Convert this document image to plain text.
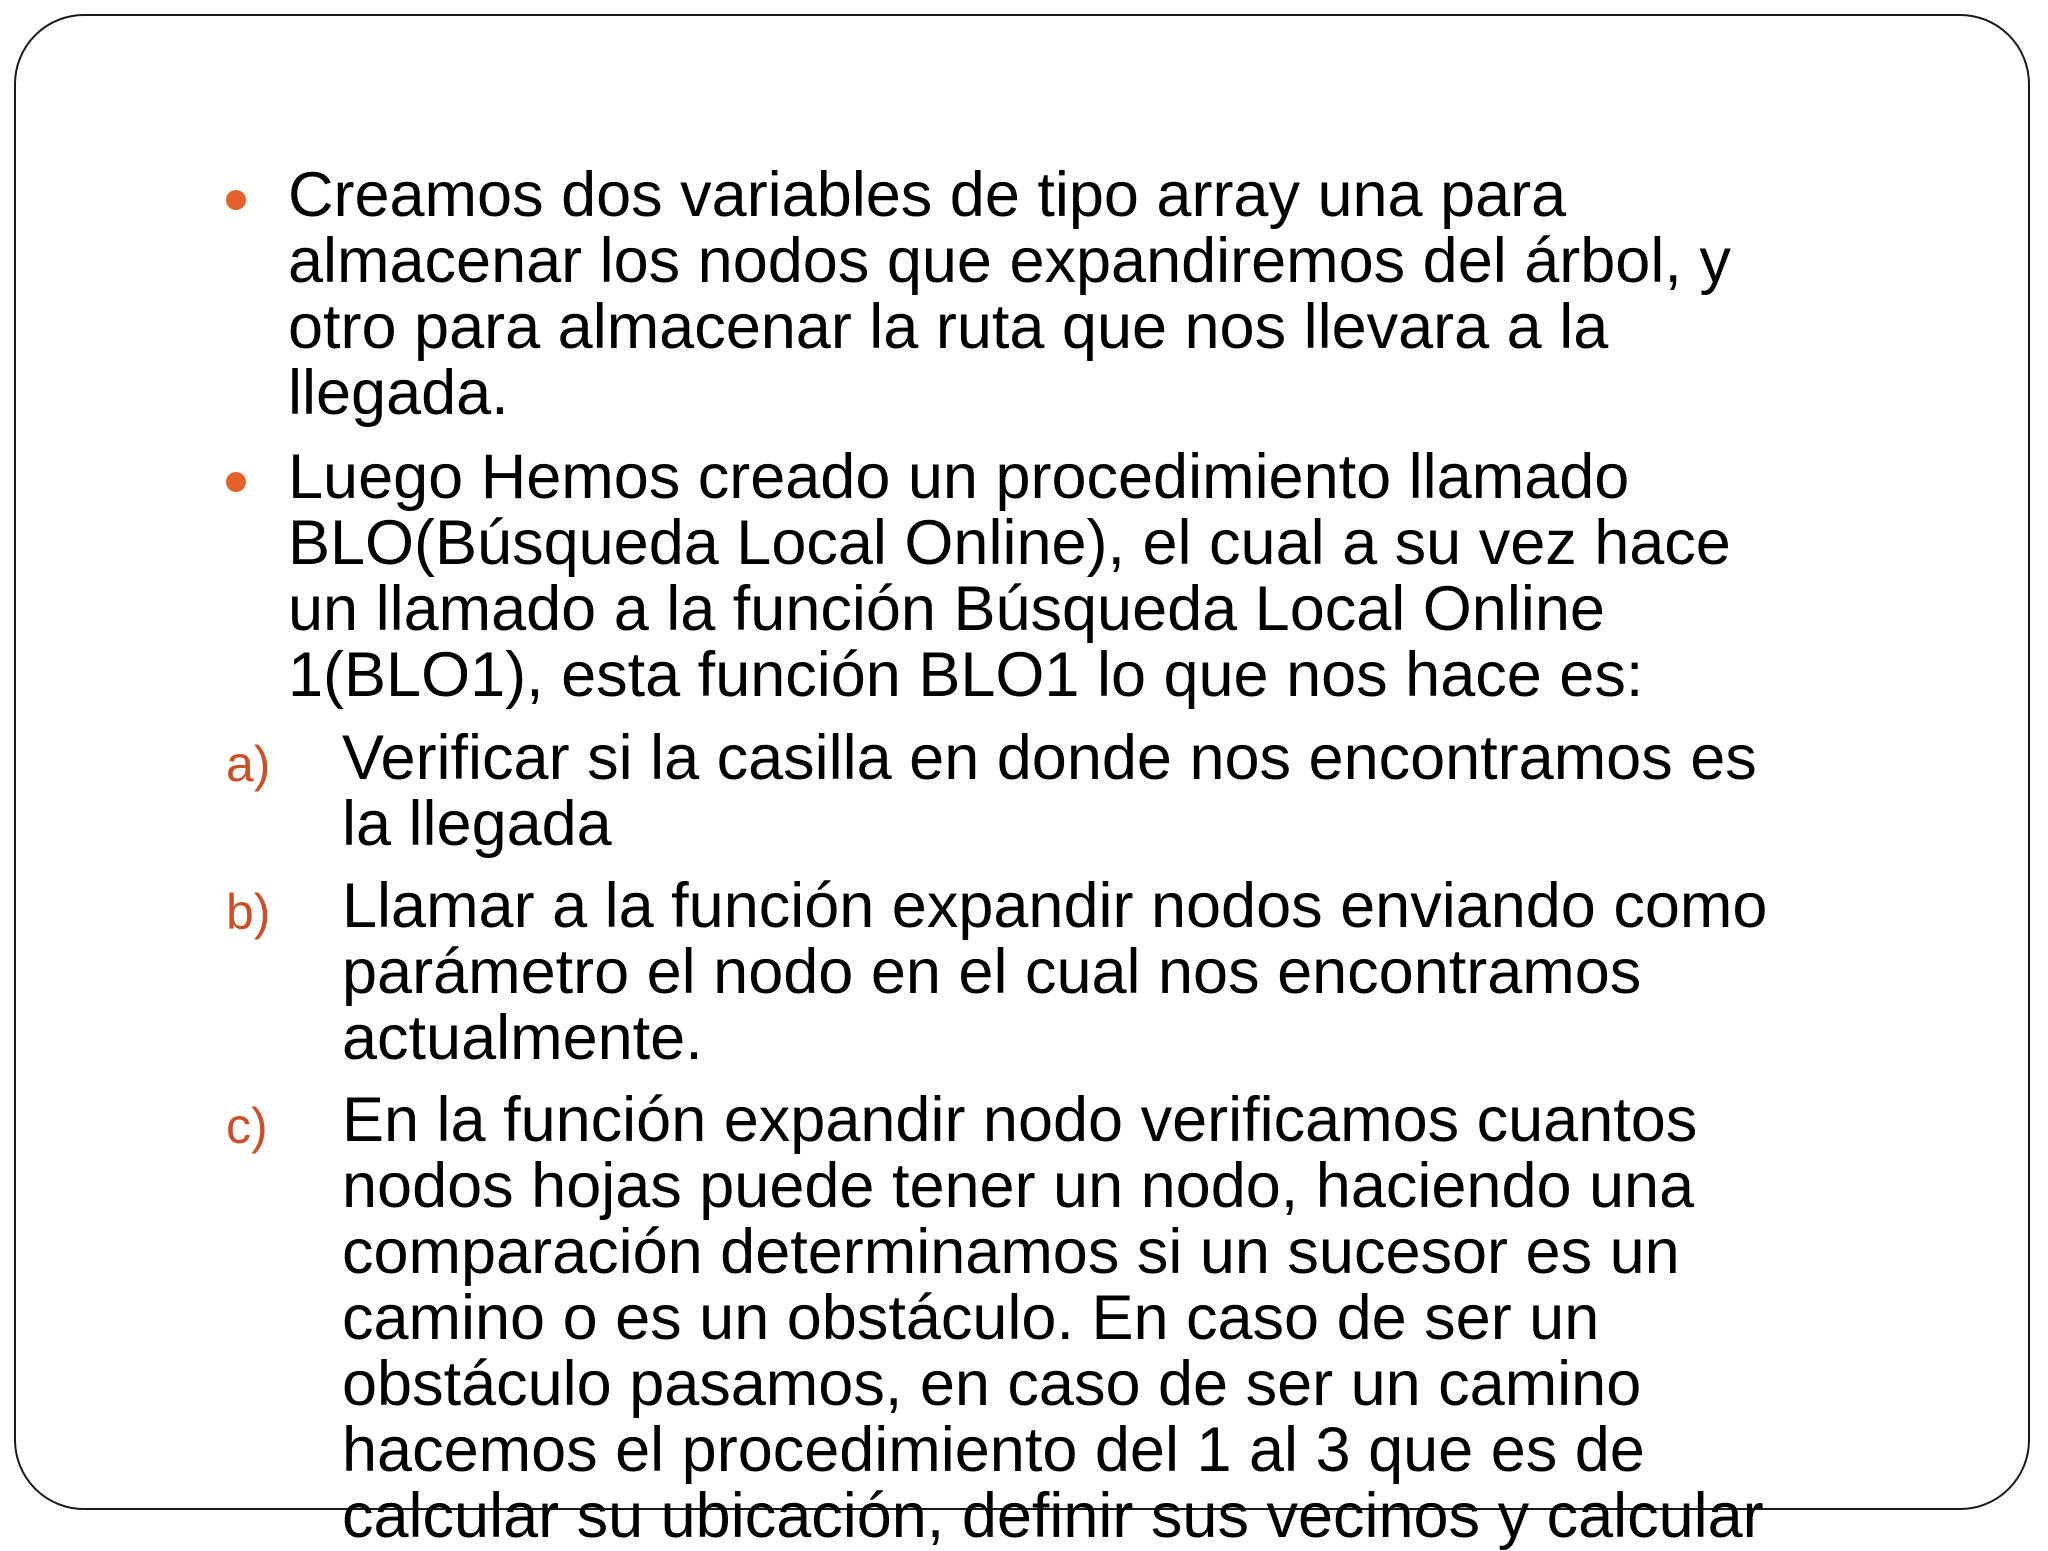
Creamos dos variables de tipo array una para
almacenar los nodos que expandiremos del árbol, y
otro para almacenar la ruta que nos llevara a la
llegada.
Luego Hemos creado un procedimiento llamado
BLO(Búsqueda Local Online), el cual a su vez hace
un llamado a la función Búsqueda Local Online
1(BLO1), esta función BLO1 lo que nos hace es:
a) Verificar si la casilla en donde nos encontramos es
la llegada
b) Llamar a la función expandir nodos enviando como
parámetro el nodo en el cual nos encontramos
actualmente.
c) En la función expandir nodo verificamos cuantos
nodos hojas puede tener un nodo, haciendo una
comparación determinamos si un sucesor es un
camino o es un obstáculo. En caso de ser un
obstáculo pasamos, en caso de ser un camino
hacemos el procedimiento del 1 al 3 que es de
calcular su ubicación, definir sus vecinos y calcular
